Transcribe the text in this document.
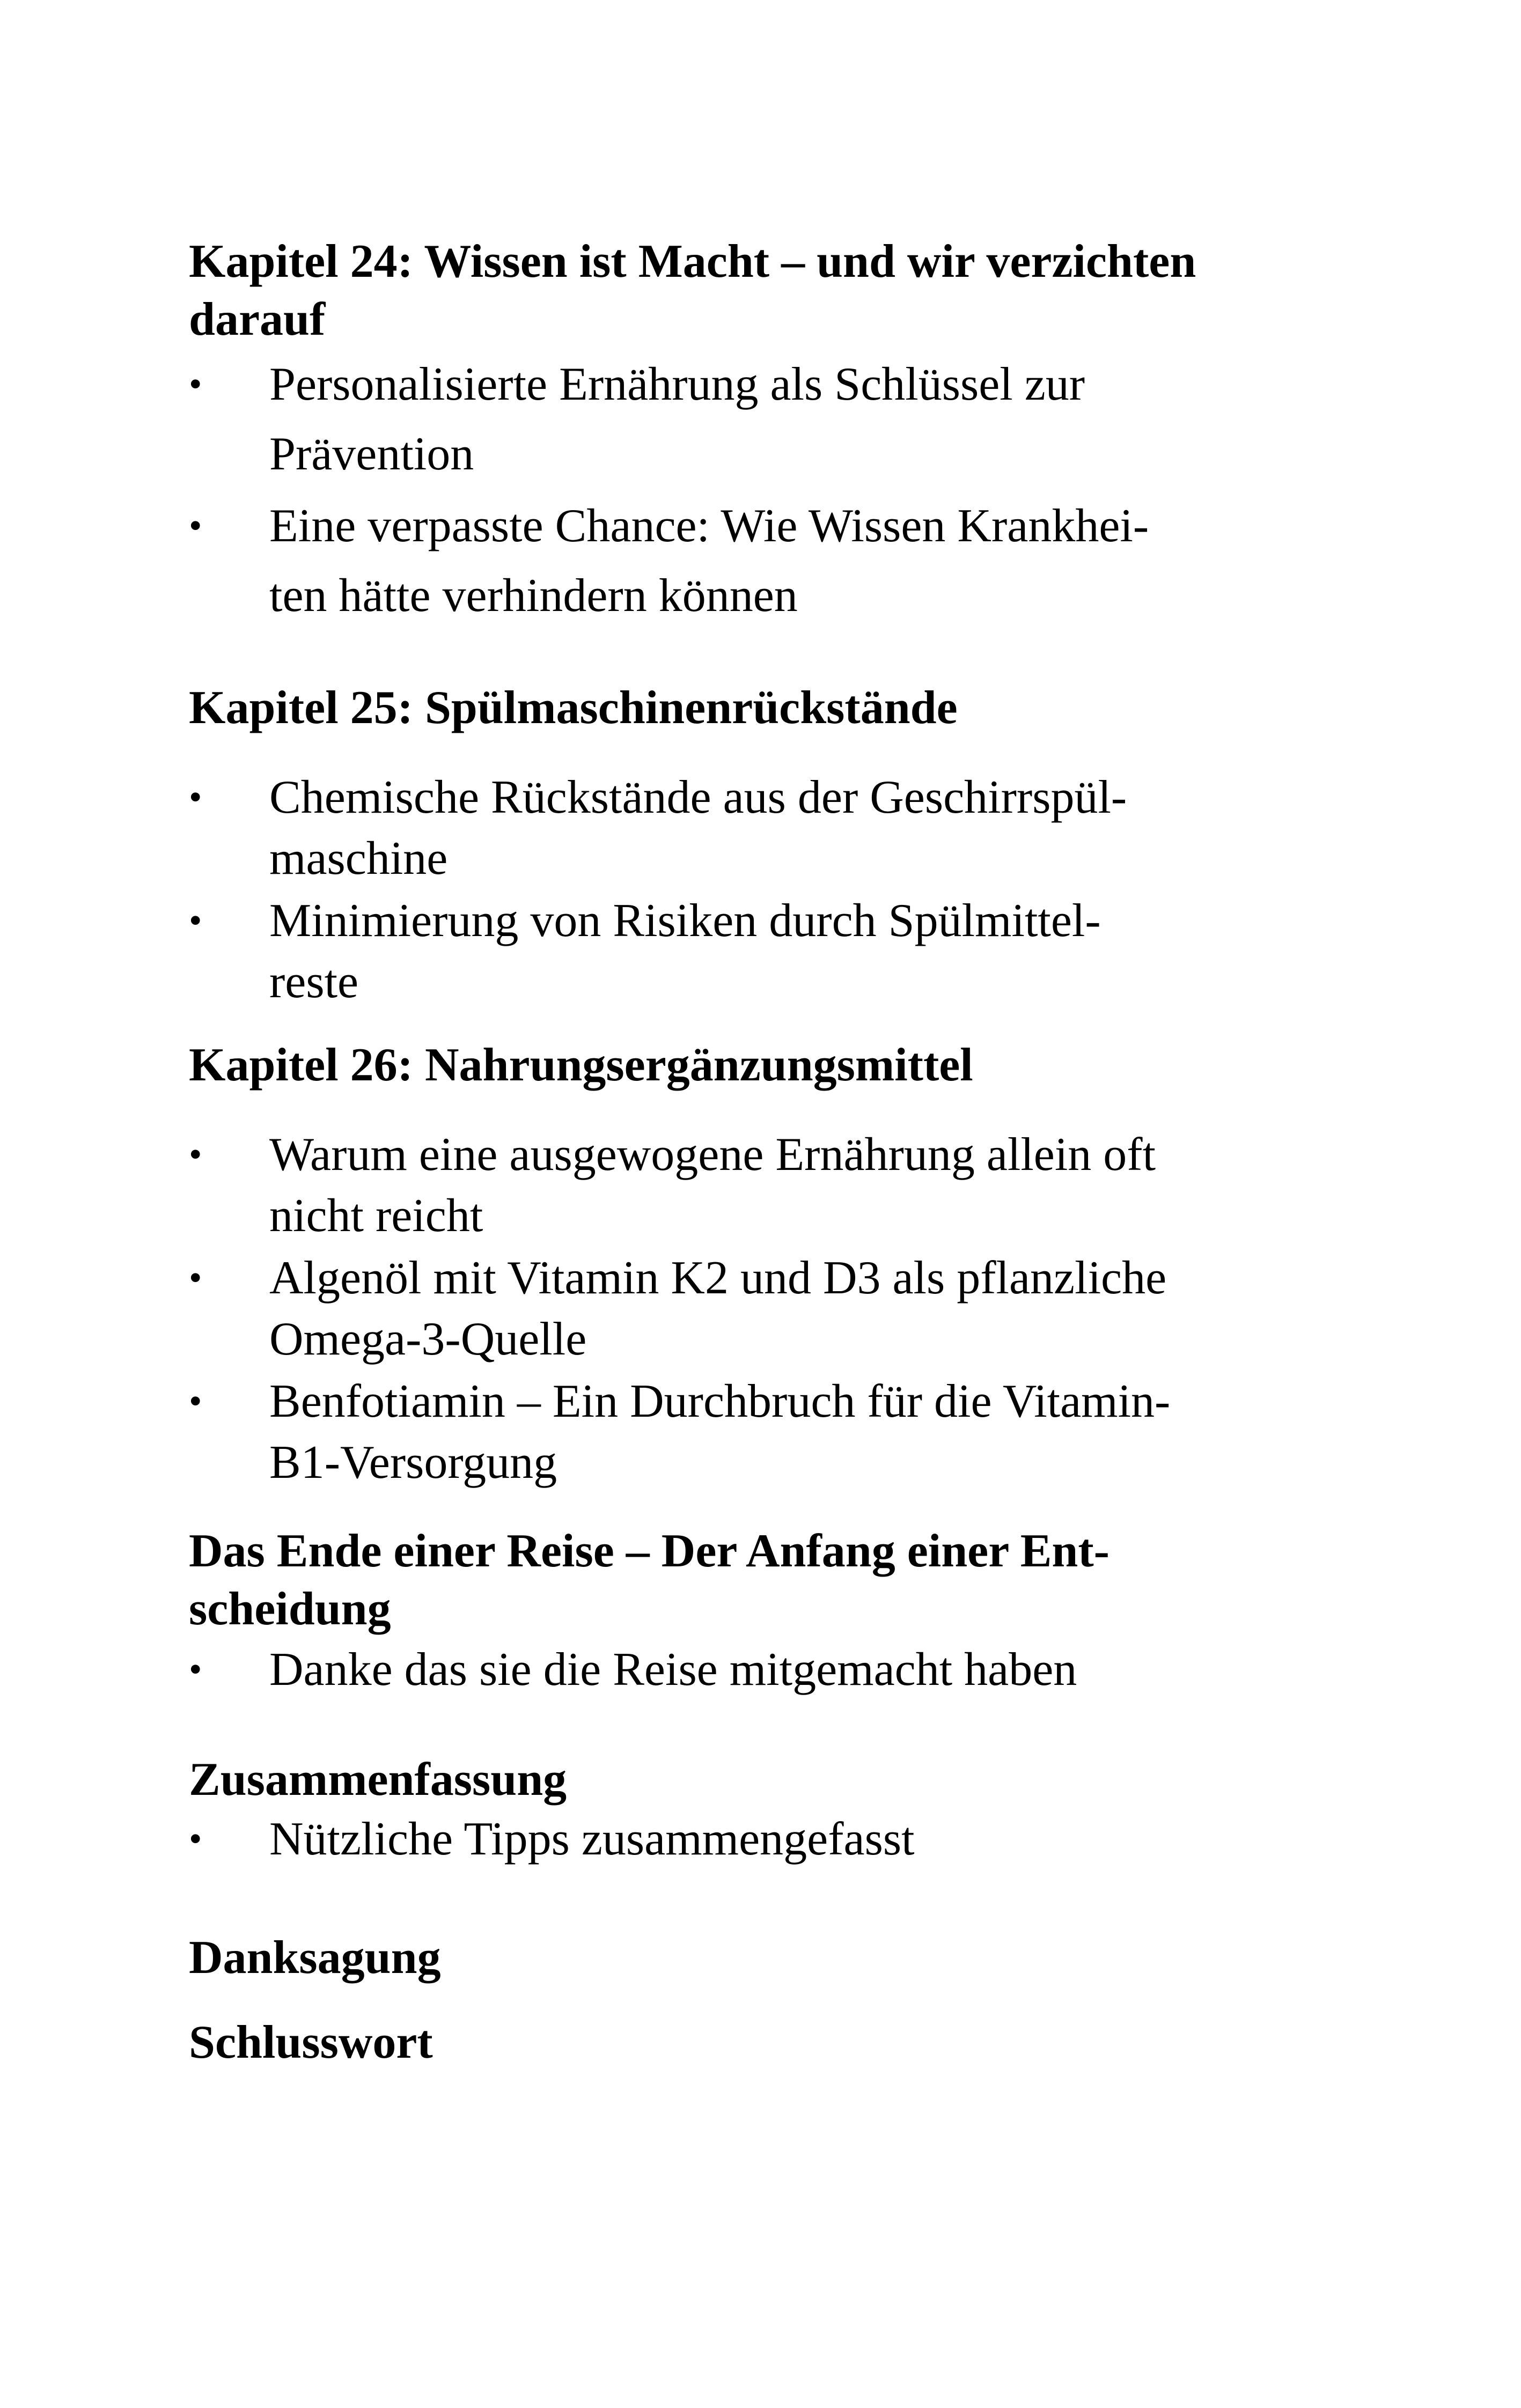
Kapitel 24: Wissen ist Macht – und wir verzichten
darauf
•	Personalisierte Ernährung als Schlüssel zur
Prävention
•	Eine verpasste Chance: Wie Wissen Krankhei-
ten hätte verhindern können
Kapitel 25: Spülmaschinenrückstände
•	Chemische Rückstände aus der Geschirrspül-
maschine
•	Minimierung von Risiken durch Spülmittel-
reste
Kapitel 26: Nahrungsergänzungsmittel
•	Warum eine ausgewogene Ernährung allein oft
nicht reicht
•	Algenöl mit Vitamin K2 und D3 als pflanzliche
Omega-3-Quelle
•	Benfotiamin – Ein Durchbruch für die Vitamin-
B1-Versorgung
Das Ende einer Reise – Der Anfang einer Ent-
scheidung
•	Danke das sie die Reise mitgemacht haben
Zusammenfassung
•	Nützliche Tipps zusammengefasst
Danksagung
Schlusswort
